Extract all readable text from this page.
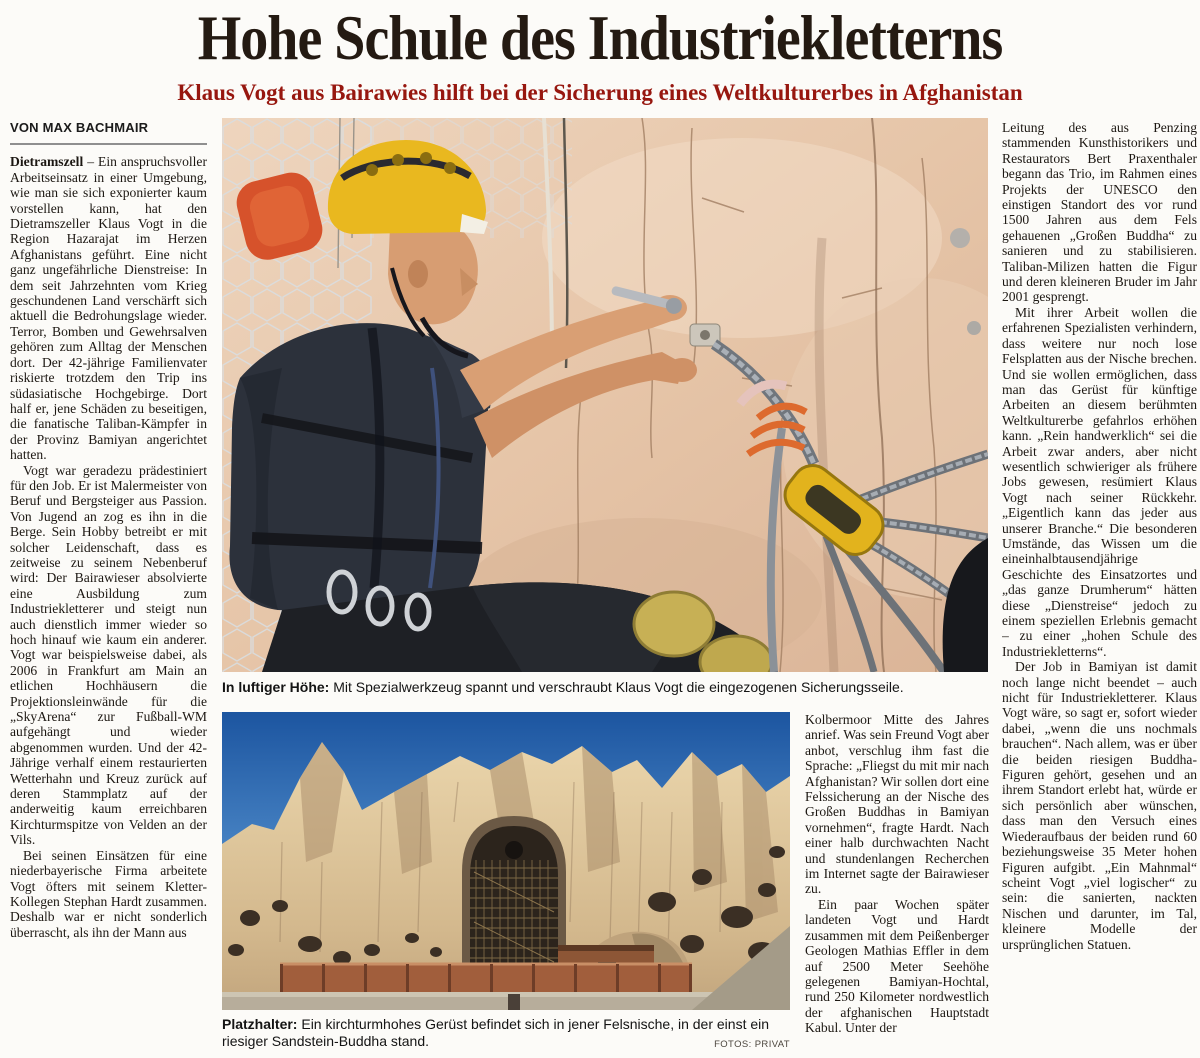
Hohe Schule des Industriekletterns
Klaus Vogt aus Bairawies hilft bei der Sicherung eines Weltkulturerbes in Afghanistan
VON MAX BACHMAIR

Dietramszell – Ein anspruchsvoller Arbeitseinsatz in einer Umgebung, wie man sie sich exponierter kaum vorstellen kann, hat den Dietramszeller Klaus Vogt in die Region Hazarajat im Herzen Afghanistans geführt. Eine nicht ganz ungefährliche Dienstreise: In dem seit Jahrzehnten vom Krieg geschundenen Land verschärft sich aktuell die Bedrohungslage wieder. Terror, Bomben und Gewehrsalven gehören zum Alltag der Menschen dort. Der 42-jährige Familienvater riskierte trotzdem den Trip ins südasiatische Hochgebirge. Dort half er, jene Schäden zu beseitigen, die fanatische Taliban-Kämpfer in der Provinz Bamiyan angerichtet hatten.

Vogt war geradezu prädestiniert für den Job. Er ist Malermeister von Beruf und Bergsteiger aus Passion. Von Jugend an zog es ihn in die Berge. Sein Hobby betreibt er mit solcher Leidenschaft, dass es zeitweise zu seinem Nebenberuf wird: Der Bairawieser absolvierte eine Ausbildung zum Industriekletterer und steigt nun auch dienstlich immer wieder so hoch hinauf wie kaum ein anderer. Vogt war beispielsweise dabei, als 2006 in Frankfurt am Main an etlichen Hochhäusern die Projektionsleinwände für die „SkyArena“ zur Fußball-WM aufgehängt und wieder abgenommen wurden. Und der 42-Jährige verhalf einem restaurierten Wetterhahn und Kreuz zurück auf deren Stammplatz auf der anderweitig kaum erreichbaren Kirchturmspitze von Velden an der Vils.

Bei seinen Einsätzen für eine niederbayerische Firma arbeitete Vogt öfters mit seinem Kletter-Kollegen Stephan Hardt zusammen. Deshalb war er nicht sonderlich überrascht, als ihn der Mann aus

In luftiger Höhe: Mit Spezialwerkzeug spannt und verschraubt Klaus Vogt die eingezogenen Sicherungsseile.
Platzhalter: Ein kirchturmhohes Gerüst befindet sich in jener Felsnische, in der einst ein riesiger Sandstein-Buddha stand.	FOTOS: PRIVAT

Kolbermoor Mitte des Jahres anrief. Was sein Freund Vogt aber anbot, verschlug ihm fast die Sprache: „Fliegst du mit mir nach Afghanistan? Wir sollen dort eine Felssicherung an der Nische des Großen Buddhas in Bamiyan vornehmen“, fragte Hardt. Nach einer halb durchwachten Nacht und stundenlangen Recherchen im Internet sagte der Bairawieser zu.

Ein paar Wochen später landeten Vogt und Hardt zusammen mit dem Peißenberger Geologen Mathias Effler in dem auf 2500 Meter Seehöhe gelegenen Bamiyan-Hochtal, rund 250 Kilometer nordwestlich der afghanischen Hauptstadt Kabul. Unter der

Leitung des aus Penzing stammenden Kunsthistorikers und Restaurators Bert Praxenthaler begann das Trio, im Rahmen eines Projekts der UNESCO den einstigen Standort des vor rund 1500 Jahren aus dem Fels gehauenen „Großen Buddha“ zu sanieren und zu stabilisieren. Taliban-Milizen hatten die Figur und deren kleineren Bruder im Jahr 2001 gesprengt.

Mit ihrer Arbeit wollen die erfahrenen Spezialisten verhindern, dass weitere nur noch lose Felsplatten aus der Nische brechen. Und sie wollen ermöglichen, dass man das Gerüst für künftige Arbeiten an diesem berühmten Weltkulturerbe gefahrlos erhöhen kann. „Rein handwerklich“ sei die Arbeit zwar anders, aber nicht wesentlich schwieriger als frühere Jobs gewesen, resümiert Klaus Vogt nach seiner Rückkehr. „Eigentlich kann das jeder aus unserer Branche.“ Die besonderen Umstände, das Wissen um die eineinhalbtausendjährige Geschichte des Einsatzortes und „das ganze Drumherum“ hätten diese „Dienstreise“ jedoch zu einem speziellen Erlebnis gemacht – zu einer „hohen Schule des Industriekletterns“.

Der Job in Bamiyan ist damit noch lange nicht beendet – auch nicht für Industriekletterer. Klaus Vogt wäre, so sagt er, sofort wieder dabei, „wenn die uns nochmals brauchen“. Nach allem, was er über die beiden riesigen Buddha-Figuren gehört, gesehen und an ihrem Standort erlebt hat, würde er sich persönlich aber wünschen, dass man den Versuch eines Wiederaufbaus der beiden rund 60 beziehungsweise 35 Meter hohen Figuren aufgibt. „Ein Mahnmal“ scheint Vogt „viel logischer“ zu sein: die sanierten, nackten Nischen und darunter, im Tal, kleinere Modelle der ursprünglichen Statuen.
